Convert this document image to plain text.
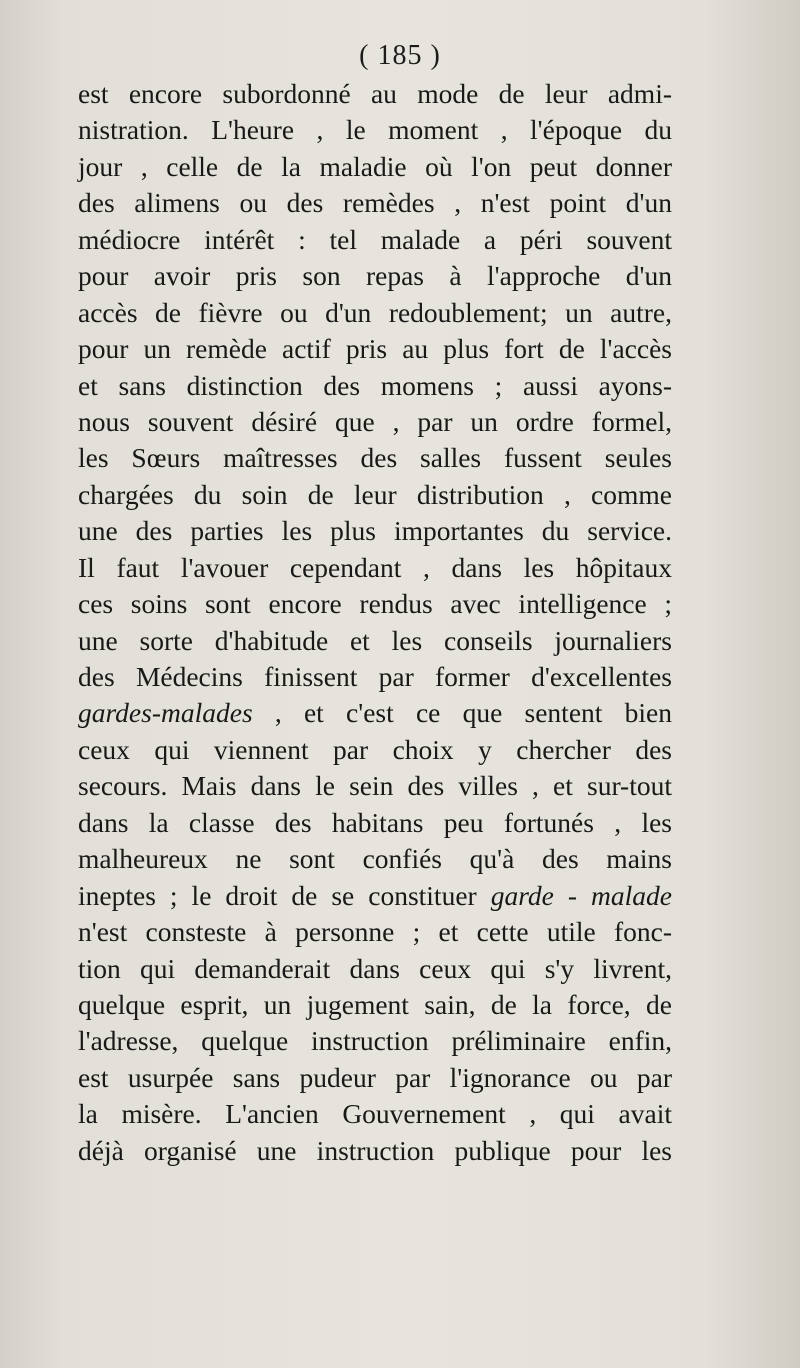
( 185 )
est encore subordonné au mode de leur admi-
nistration. L'heure , le moment , l'époque du
jour , celle de la maladie où l'on peut donner
des alimens ou des remèdes , n'est point d'un
médiocre intérêt : tel malade a péri souvent
pour avoir pris son repas à l'approche d'un
accès de fièvre ou d'un redoublement; un autre,
pour un remède actif pris au plus fort de l'accès
et sans distinction des momens ; aussi ayons-
nous souvent désiré que , par un ordre formel,
les Sœurs maîtresses des salles fussent seules
chargées du soin de leur distribution , comme
une des parties les plus importantes du service.
Il faut l'avouer cependant , dans les hôpitaux
ces soins sont encore rendus avec intelligence ;
une sorte d'habitude et les conseils journaliers
des Médecins finissent par former d'excellentes
gardes-malades , et c'est ce que sentent bien
ceux qui viennent par choix y chercher des
secours. Mais dans le sein des villes , et sur-tout
dans la classe des habitans peu fortunés , les
malheureux ne sont confiés qu'à des mains
ineptes ; le droit de se constituer garde - malade
n'est consteste à personne ; et cette utile fonc-
tion qui demanderait dans ceux qui s'y livrent,
quelque esprit, un jugement sain, de la force, de
l'adresse, quelque instruction préliminaire enfin,
est usurpée sans pudeur par l'ignorance ou par
la misère. L'ancien Gouvernement , qui avait
déjà organisé une instruction publique pour les
